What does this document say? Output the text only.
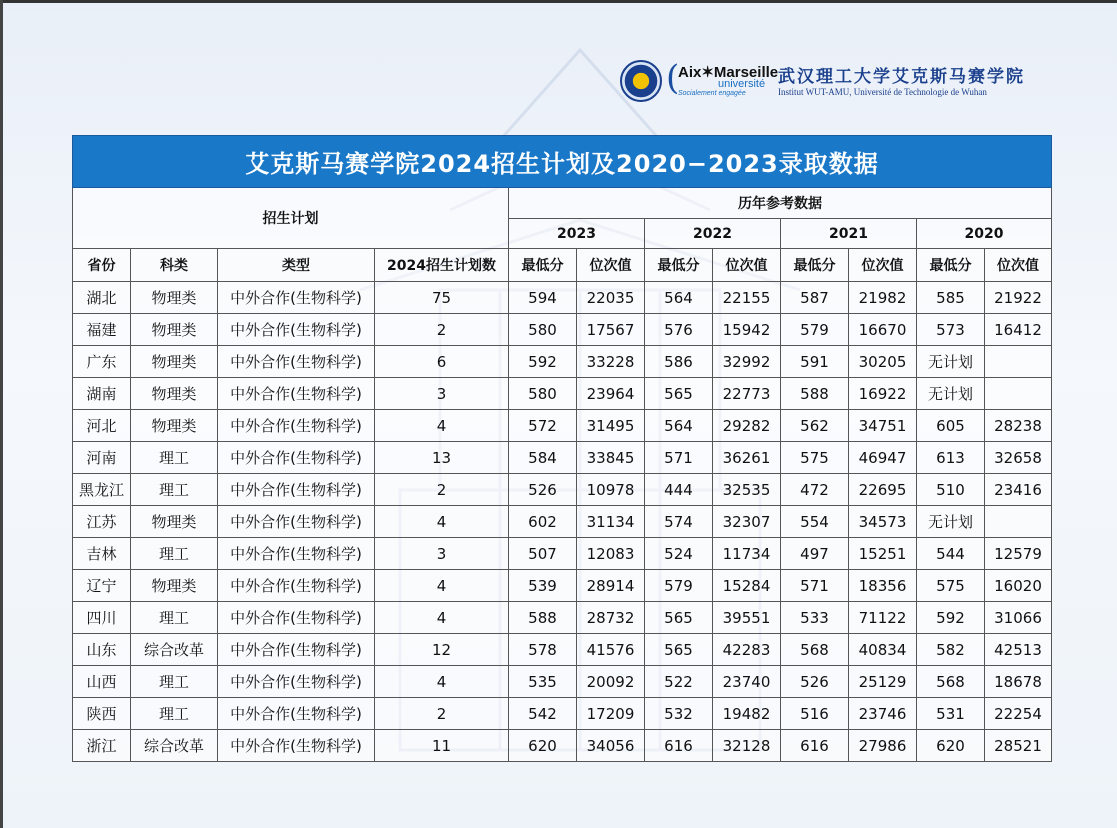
(
Aix✶Marseille
université
Socialement engagée
武汉理工大学艾克斯马赛学院
Institut WUT-AMU, Université de Technologie de Wuhan
艾克斯马赛学院2024招生计划及2020−2023录取数据											
招生计划				历年参考数据							
				2023		2022		2021		2020	
省份	科类	类型	2024招生计划数	最低分	位次值	最低分	位次值	最低分	位次值	最低分	位次值
湖北	物理类	中外合作(生物科学)	75	594	22035	564	22155	587	21982	585	21922
福建	物理类	中外合作(生物科学)	2	580	17567	576	15942	579	16670	573	16412
广东	物理类	中外合作(生物科学)	6	592	33228	586	32992	591	30205	无计划	
湖南	物理类	中外合作(生物科学)	3	580	23964	565	22773	588	16922	无计划	
河北	物理类	中外合作(生物科学)	4	572	31495	564	29282	562	34751	605	28238
河南	理工	中外合作(生物科学)	13	584	33845	571	36261	575	46947	613	32658
黑龙江	理工	中外合作(生物科学)	2	526	10978	444	32535	472	22695	510	23416
江苏	物理类	中外合作(生物科学)	4	602	31134	574	32307	554	34573	无计划	
吉林	理工	中外合作(生物科学)	3	507	12083	524	11734	497	15251	544	12579
辽宁	物理类	中外合作(生物科学)	4	539	28914	579	15284	571	18356	575	16020
四川	理工	中外合作(生物科学)	4	588	28732	565	39551	533	71122	592	31066
山东	综合改革	中外合作(生物科学)	12	578	41576	565	42283	568	40834	582	42513
山西	理工	中外合作(生物科学)	4	535	20092	522	23740	526	25129	568	18678
陕西	理工	中外合作(生物科学)	2	542	17209	532	19482	516	23746	531	22254
浙江	综合改革	中外合作(生物科学)	11	620	34056	616	32128	616	27986	620	28521
